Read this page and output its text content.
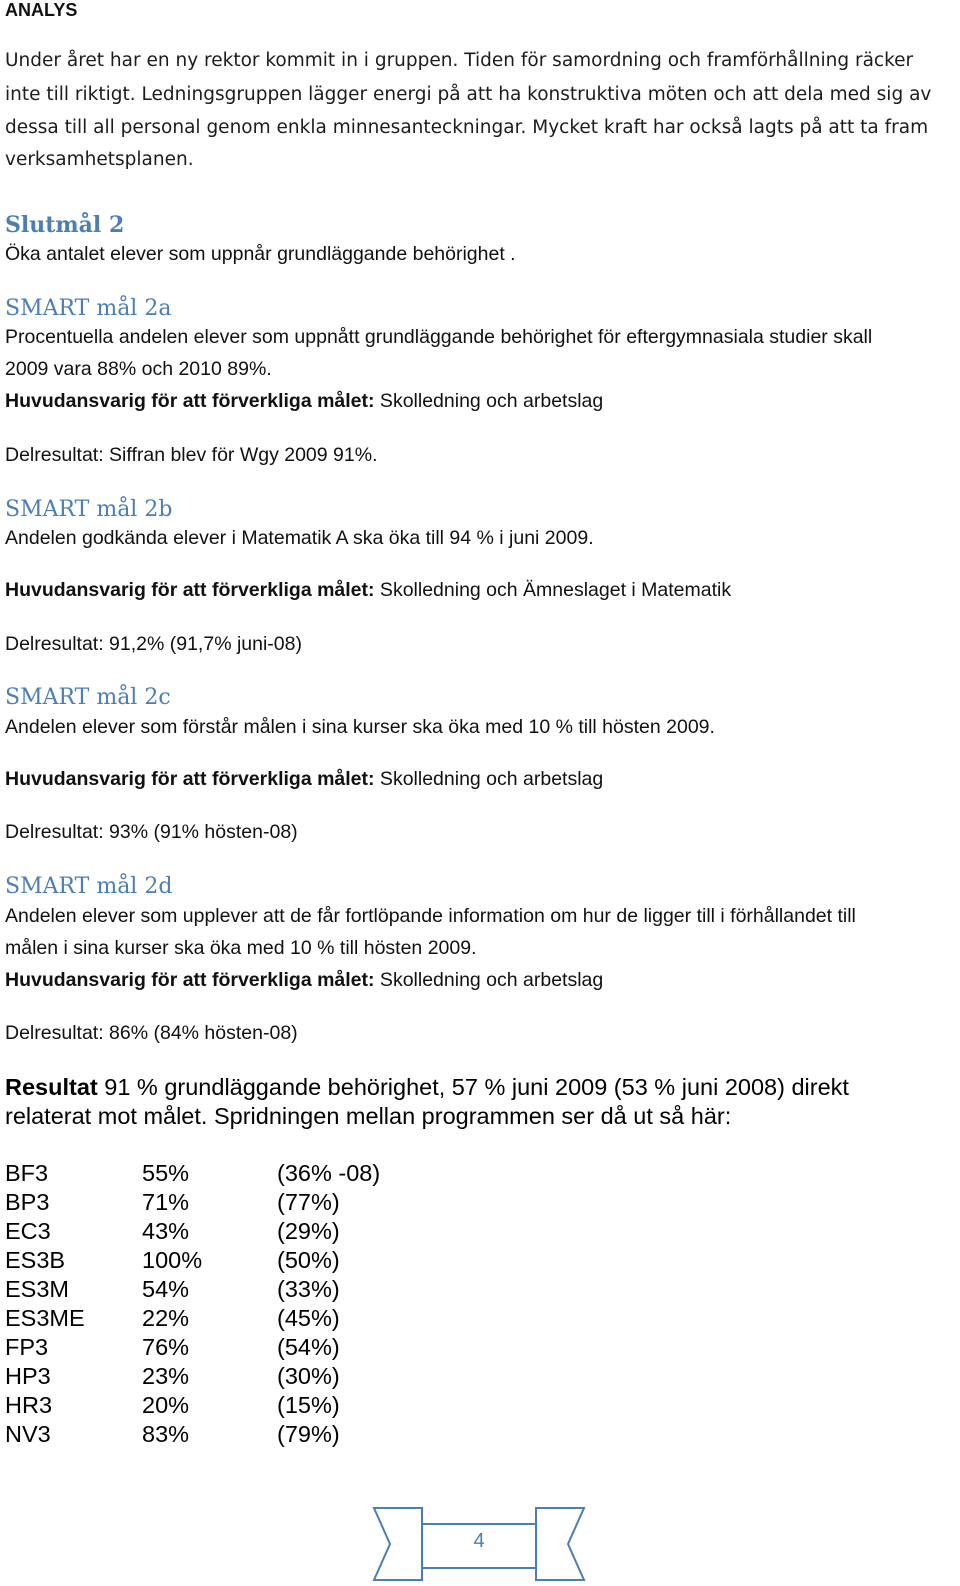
ANALYS
Under året har en ny rektor kommit in i gruppen. Tiden för samordning och framförhållning räcker
inte till riktigt. Ledningsgruppen lägger energi på att ha konstruktiva möten och att dela med sig av
dessa till all personal genom enkla minnesanteckningar. Mycket kraft har också lagts på att ta fram
verksamhetsplanen.
Slutmål 2
Öka antalet elever som uppnår grundläggande behörighet .
SMART mål 2a
Procentuella andelen elever som uppnått grundläggande behörighet för eftergymnasiala studier skall
2009 vara 88% och 2010 89%.
Huvudansvarig för att förverkliga målet: Skolledning och arbetslag
Delresultat: Siffran blev för Wgy 2009 91%.
SMART mål 2b
Andelen godkända elever i Matematik A ska öka till 94 % i juni 2009.
Huvudansvarig för att förverkliga målet: Skolledning och Ämneslaget i Matematik
Delresultat: 91,2% (91,7% juni-08)
SMART mål 2c
Andelen elever som förstår målen i sina kurser ska öka med 10 % till hösten 2009.
Huvudansvarig för att förverkliga målet: Skolledning och arbetslag
Delresultat: 93% (91% hösten-08)
SMART mål 2d
Andelen elever som upplever att de får fortlöpande information om hur de ligger till i förhållandet till
målen i sina kurser ska öka med 10 % till hösten 2009.
Huvudansvarig för att förverkliga målet: Skolledning och arbetslag
Delresultat: 86% (84% hösten-08)
Resultat 91 % grundläggande behörighet, 57 % juni 2009 (53 % juni 2008) direkt
relaterat mot målet. Spridningen mellan programmen ser då ut så här:
BF3	55%	(36% -08)
BP3	71%	(77%)
EC3	43%	(29%)
ES3B	100%	(50%)
ES3M	54%	(33%)
ES3ME 22%	(45%)
FP3	76%	(54%)
HP3	23%	(30%)
HR3	20%	(15%)
NV3	83%	(79%)
4
